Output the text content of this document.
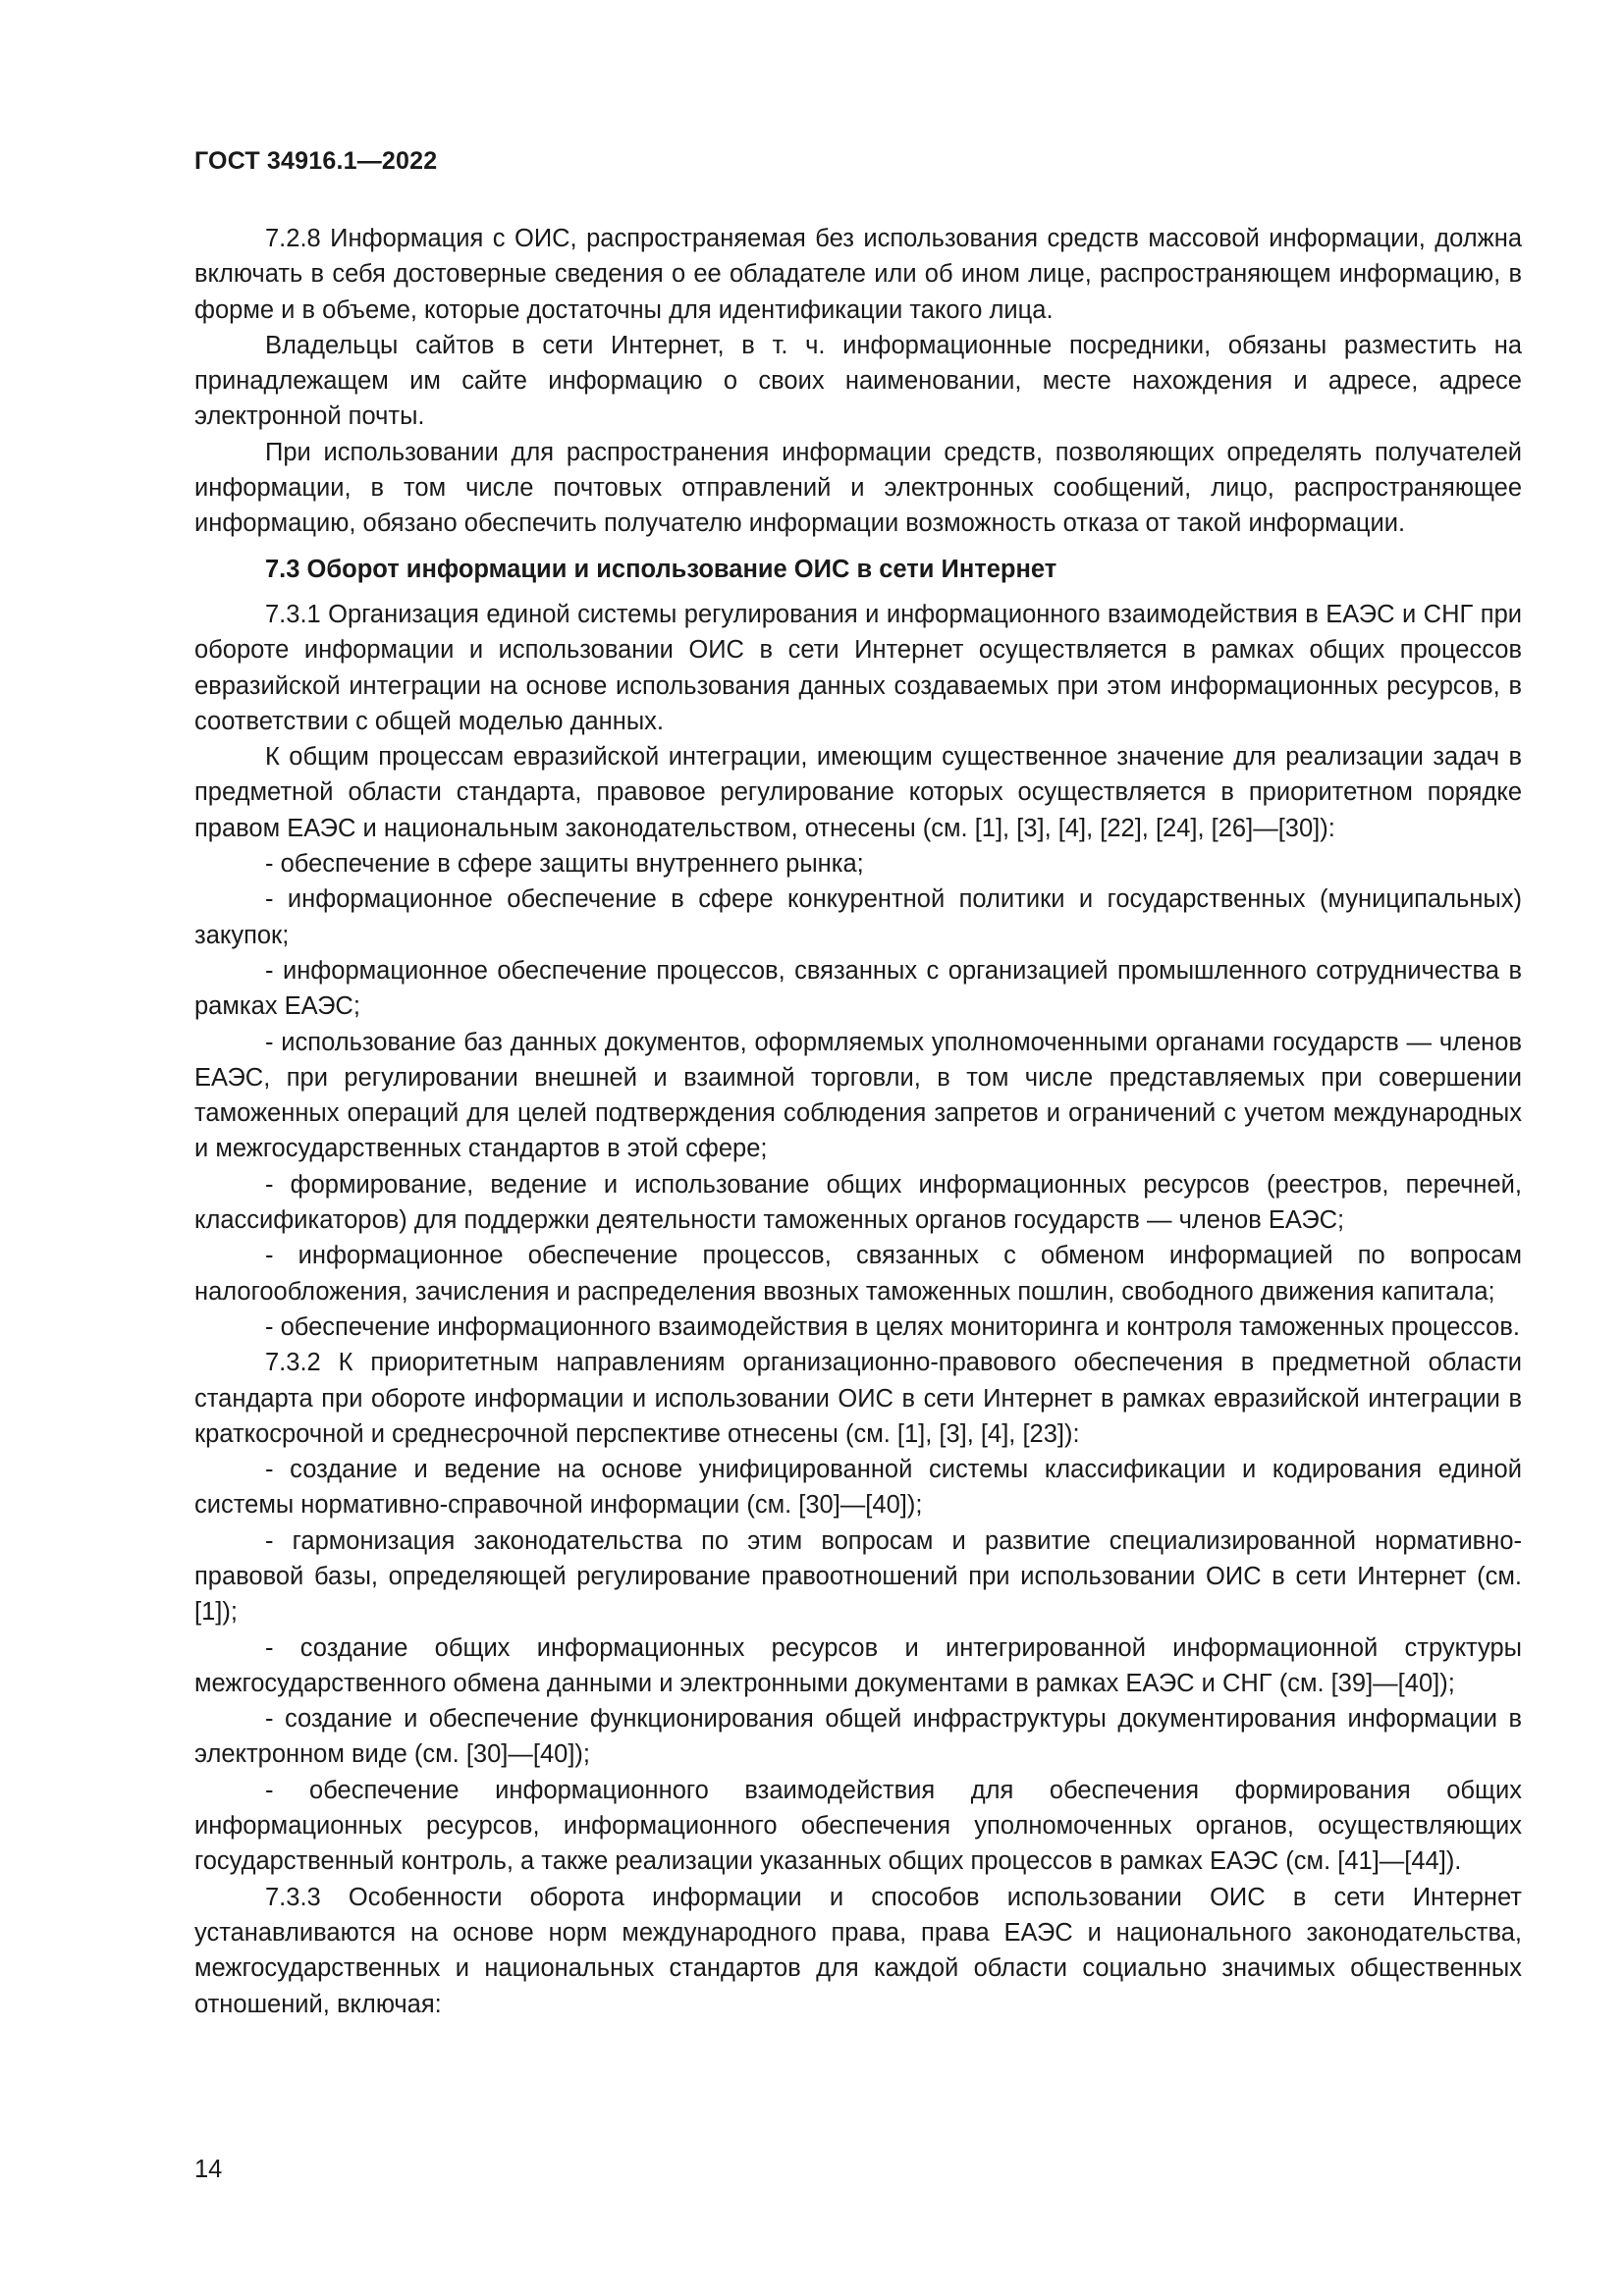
ГОСТ 34916.1—2022

7.2.8 Информация с ОИС, распространяемая без использования средств массовой информации, должна включать в себя достоверные сведения о ее обладателе или об ином лице, распространяющем информацию, в форме и в объеме, которые достаточны для идентификации такого лица.

Владельцы сайтов в сети Интернет, в т. ч. информационные посредники, обязаны разместить на принадлежащем им сайте информацию о своих наименовании, месте нахождения и адресе, адресе электронной почты.

При использовании для распространения информации средств, позволяющих определять получателей информации, в том числе почтовых отправлений и электронных сообщений, лицо, распространяющее информацию, обязано обеспечить получателю информации возможность отказа от такой информации.

7.3 Оборот информации и использование ОИС в сети Интернет

7.3.1 Организация единой системы регулирования и информационного взаимодействия в ЕАЭС и СНГ при обороте информации и использовании ОИС в сети Интернет осуществляется в рамках общих процессов евразийской интеграции на основе использования данных создаваемых при этом информационных ресурсов, в соответствии с общей моделью данных.

К общим процессам евразийской интеграции, имеющим существенное значение для реализации задач в предметной области стандарта, правовое регулирование которых осуществляется в приоритетном порядке правом ЕАЭС и национальным законодательством, отнесены (см. [1], [3], [4], [22], [24], [26]—[30]):

- обеспечение в сфере защиты внутреннего рынка;

- информационное обеспечение в сфере конкурентной политики и государственных (муниципальных) закупок;

- информационное обеспечение процессов, связанных с организацией промышленного сотрудничества в рамках ЕАЭС;

- использование баз данных документов, оформляемых уполномоченными органами государств — членов ЕАЭС, при регулировании внешней и взаимной торговли, в том числе представляемых при совершении таможенных операций для целей подтверждения соблюдения запретов и ограничений с учетом международных и межгосударственных стандартов в этой сфере;

- формирование, ведение и использование общих информационных ресурсов (реестров, перечней, классификаторов) для поддержки деятельности таможенных органов государств — членов ЕАЭС;

- информационное обеспечение процессов, связанных с обменом информацией по вопросам налогообложения, зачисления и распределения ввозных таможенных пошлин, свободного движения капитала;

- обеспечение информационного взаимодействия в целях мониторинга и контроля таможенных процессов.

7.3.2 К приоритетным направлениям организационно-правового обеспечения в предметной области стандарта при обороте информации и использовании ОИС в сети Интернет в рамках евразийской интеграции в краткосрочной и среднесрочной перспективе отнесены (см. [1], [3], [4], [23]):

- создание и ведение на основе унифицированной системы классификации и кодирования единой системы нормативно-справочной информации (см. [30]—[40]);

- гармонизация законодательства по этим вопросам и развитие специализированной нормативно-правовой базы, определяющей регулирование правоотношений при использовании ОИС в сети Интернет (см. [1]);

- создание общих информационных ресурсов и интегрированной информационной структуры межгосударственного обмена данными и электронными документами в рамках ЕАЭС и СНГ (см. [39]—[40]);

- создание и обеспечение функционирования общей инфраструктуры документирования информации в электронном виде (см. [30]—[40]);

- обеспечение информационного взаимодействия для обеспечения формирования общих информационных ресурсов, информационного обеспечения уполномоченных органов, осуществляющих государственный контроль, а также реализации указанных общих процессов в рамках ЕАЭС (см. [41]—[44]).

7.3.3 Особенности оборота информации и способов использовании ОИС в сети Интернет устанавливаются на основе норм международного права, права ЕАЭС и национального законодательства, межгосударственных и национальных стандартов для каждой области социально значимых общественных отношений, включая:

14
